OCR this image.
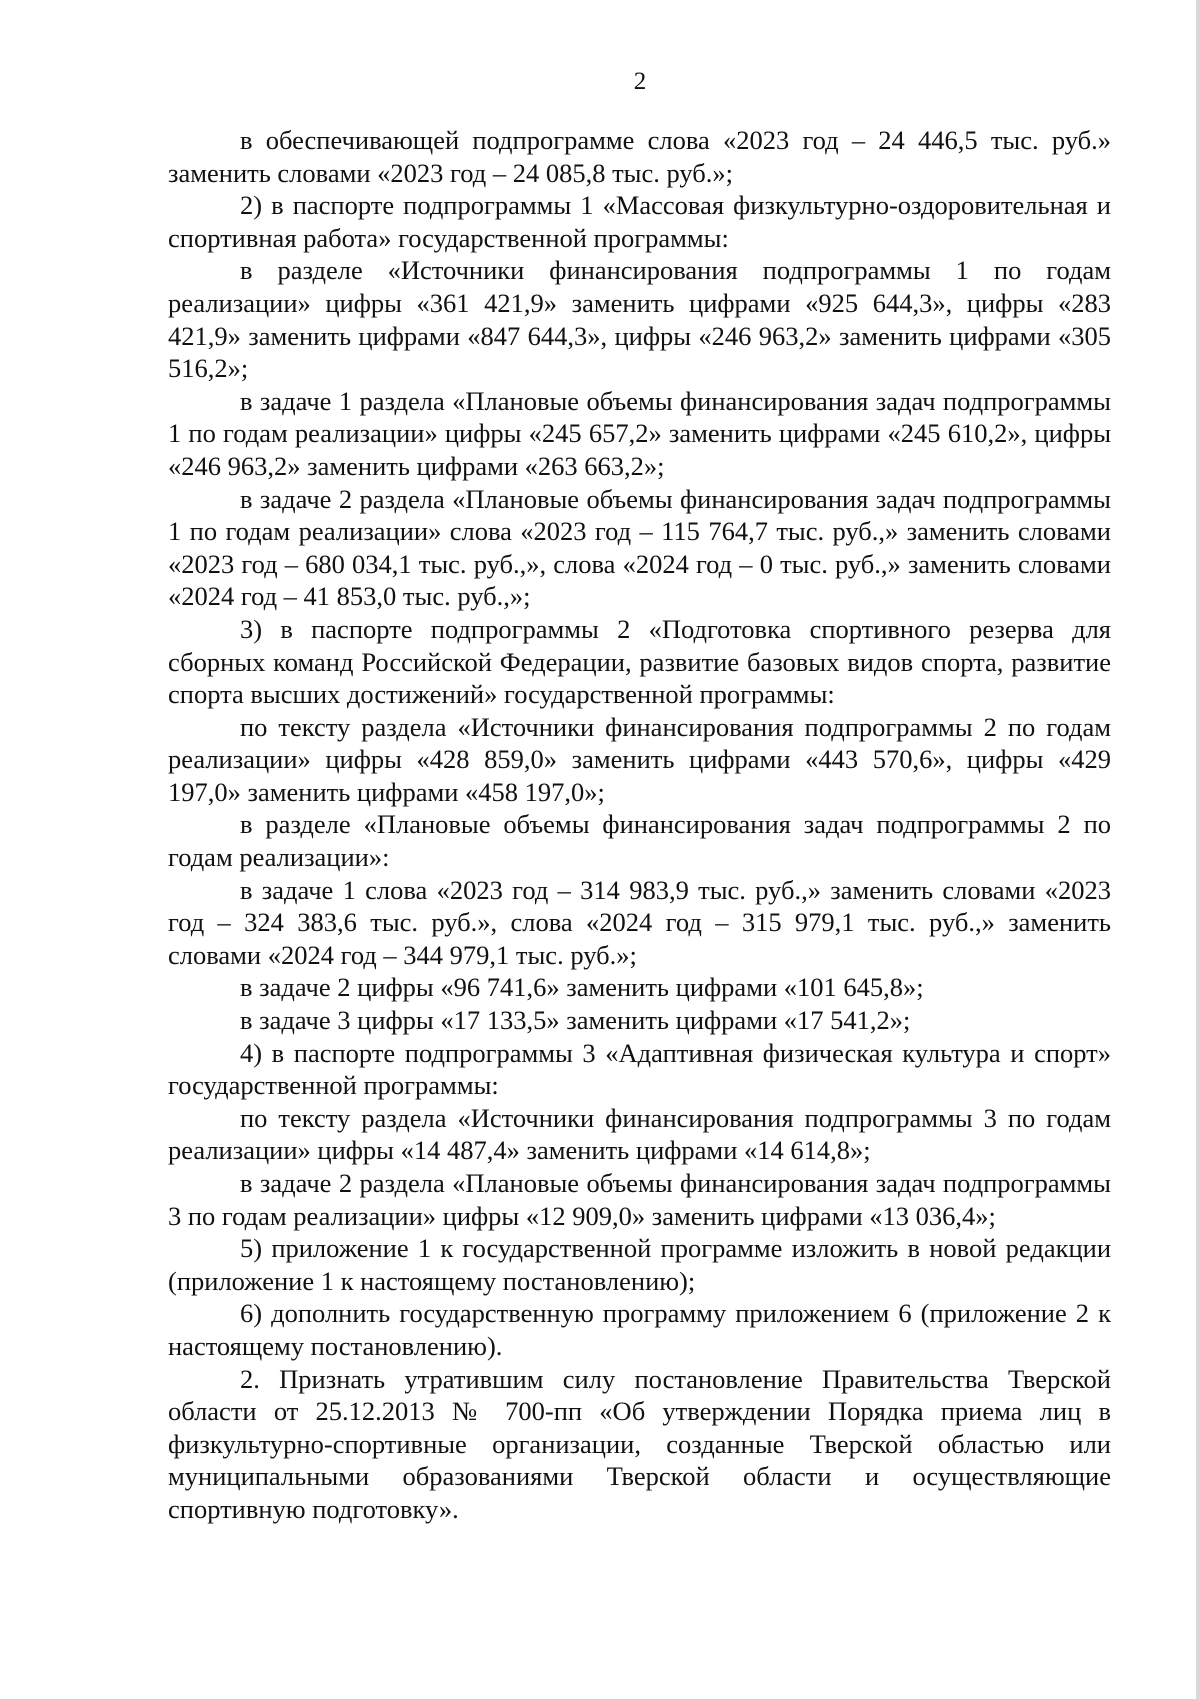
2

в обеспечивающей подпрограмме слова «2023 год – 24 446,5 тыс. руб.» заменить словами «2023 год – 24 085,8 тыс. руб.»;

2) в паспорте подпрограммы 1 «Массовая физкультурно-оздоровительная и спортивная работа» государственной программы:

в разделе «Источники финансирования подпрограммы 1 по годам реализации» цифры «361 421,9» заменить цифрами «925 644,3», цифры «283 421,9» заменить цифрами «847 644,3», цифры «246 963,2» заменить цифрами «305 516,2»;

в задаче 1 раздела «Плановые объемы финансирования задач подпрограммы 1 по годам реализации» цифры «245 657,2» заменить цифрами «245 610,2», цифры «246 963,2» заменить цифрами «263 663,2»;

в задаче 2 раздела «Плановые объемы финансирования задач подпрограммы 1 по годам реализации» слова «2023 год – 115 764,7 тыс. руб.,» заменить словами «2023 год – 680 034,1 тыс. руб.,», слова «2024 год – 0 тыс. руб.,» заменить словами «2024 год – 41 853,0 тыс. руб.,»;

3) в паспорте подпрограммы 2 «Подготовка спортивного резерва для сборных команд Российской Федерации, развитие базовых видов спорта, развитие спорта высших достижений» государственной программы:

по тексту раздела «Источники финансирования подпрограммы 2 по годам реализации» цифры «428 859,0» заменить цифрами «443 570,6», цифры «429 197,0» заменить цифрами «458 197,0»;

в разделе «Плановые объемы финансирования задач подпрограммы 2 по годам реализации»:

в задаче 1 слова «2023 год – 314 983,9 тыс. руб.,» заменить словами «2023 год – 324 383,6 тыс. руб.», слова «2024 год – 315 979,1 тыс. руб.,» заменить словами «2024 год – 344 979,1 тыс. руб.»;

в задаче 2 цифры «96 741,6» заменить цифрами «101 645,8»;

в задаче 3 цифры «17 133,5» заменить цифрами «17 541,2»;

4) в паспорте подпрограммы 3 «Адаптивная физическая культура и спорт» государственной программы:

по тексту раздела «Источники финансирования подпрограммы 3 по годам реализации» цифры «14 487,4» заменить цифрами «14 614,8»;

в задаче 2 раздела «Плановые объемы финансирования задач подпрограммы 3 по годам реализации» цифры «12 909,0» заменить цифрами «13 036,4»;

5) приложение 1 к государственной программе изложить в новой редакции (приложение 1 к настоящему постановлению);

6) дополнить государственную программу приложением 6 (приложение 2 к настоящему постановлению).

2. Признать утратившим силу постановление Правительства Тверской области от 25.12.2013 № 700-пп «Об утверждении Порядка приема лиц в физкультурно-спортивные организации, созданные Тверской областью или муниципальными образованиями Тверской области и осуществляющие спортивную подготовку».
